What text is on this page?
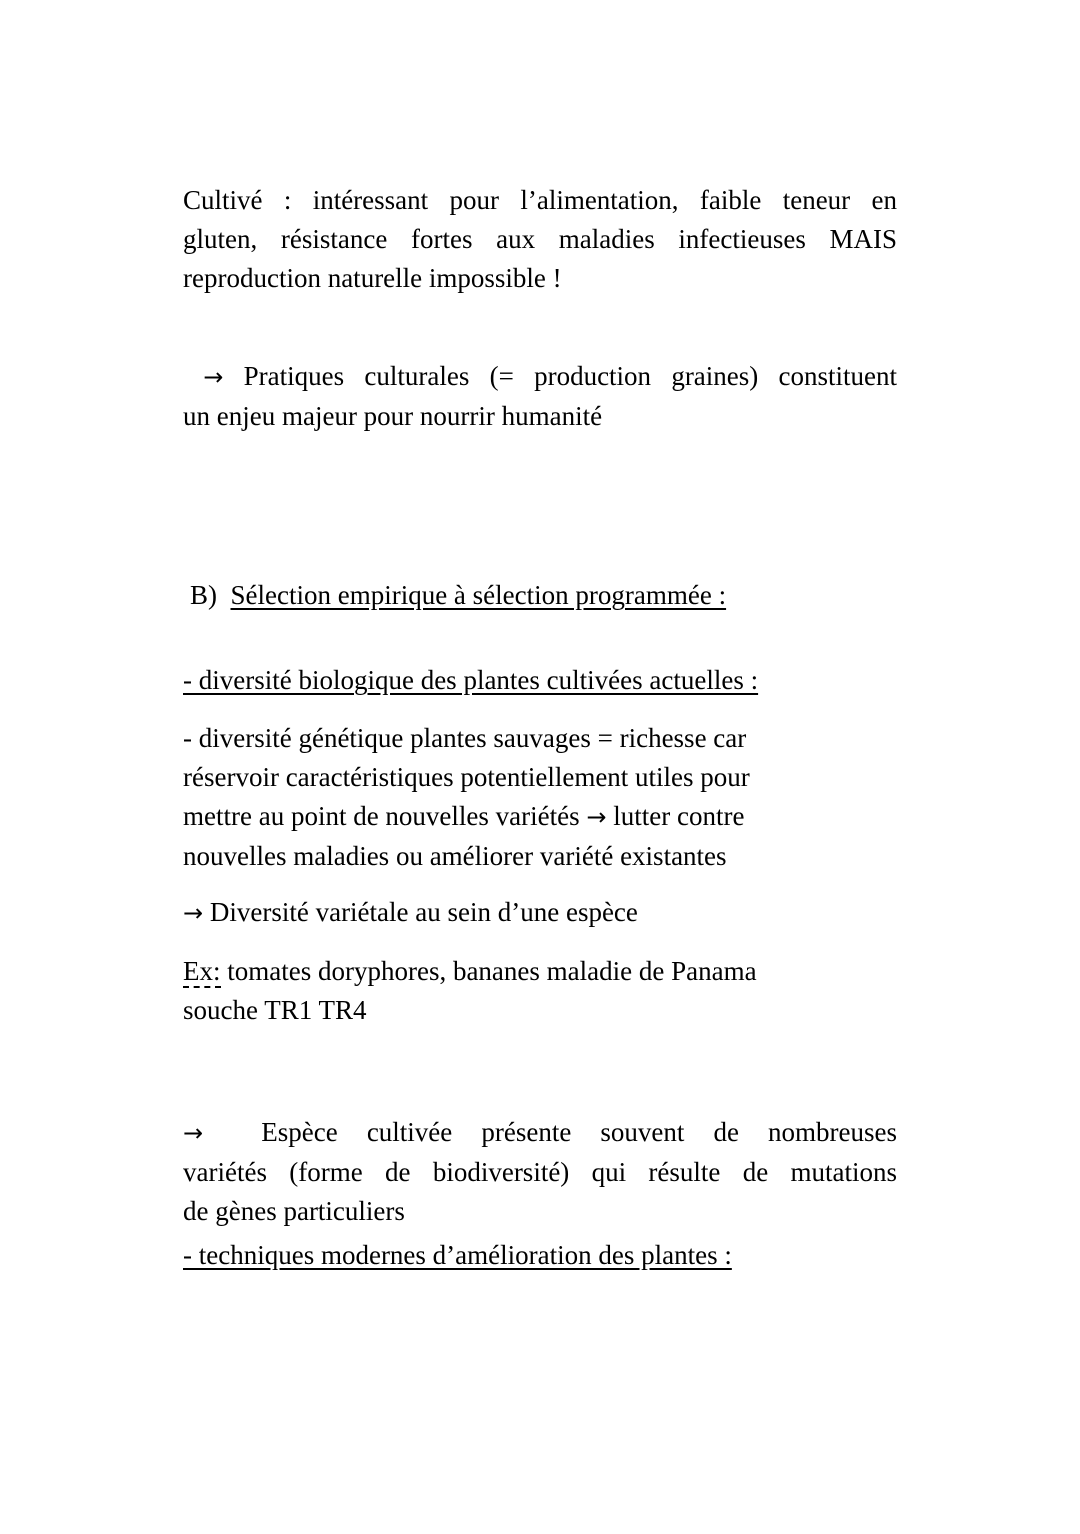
Cultivé : intéressant pour l’alimentation, faible teneur en
gluten, résistance fortes aux maladies infectieuses MAIS
reproduction naturelle impossible !
→ Pratiques culturales (= production graines) constituent
un enjeu majeur pour nourrir humanité
B) Sélection empirique à sélection programmée :
- diversité biologique des plantes cultivées actuelles :
- diversité génétique plantes sauvages = richesse car
réservoir caractéristiques potentiellement utiles pour
mettre au point de nouvelles variétés → lutter contre
nouvelles maladies ou améliorer variété existantes
→ Diversité variétale au sein d’une espèce
Ex: tomates doryphores, bananes maladie de Panama
souche TR1 TR4
→ Espèce cultivée présente souvent de nombreuses
variétés (forme de biodiversité) qui résulte de mutations
de gènes particuliers
- techniques modernes d’amélioration des plantes :
